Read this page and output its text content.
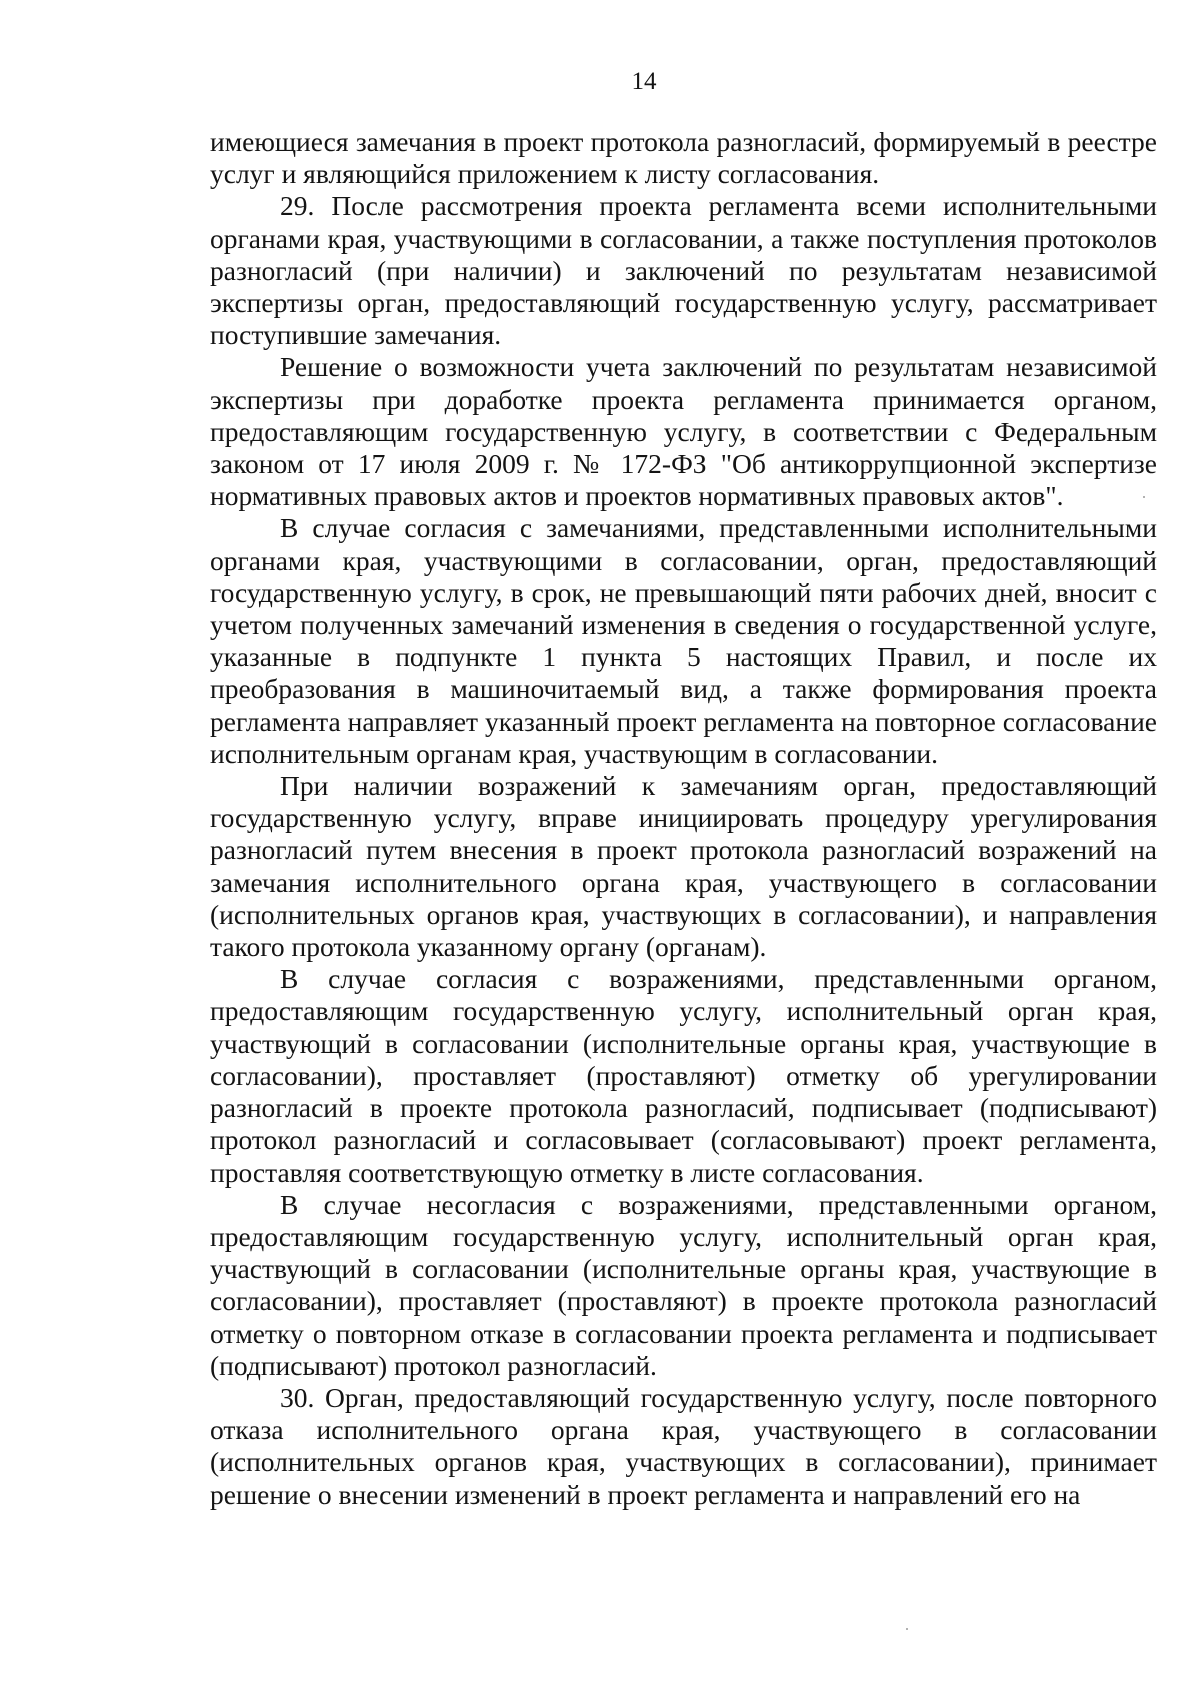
14

имеющиеся замечания в проект протокола разногласий, формируемый в реестре услуг и являющийся приложением к листу согласования.

29. После рассмотрения проекта регламента всеми исполнительными органами края, участвующими в согласовании, а также поступления протоколов разногласий (при наличии) и заключений по результатам независимой экспертизы орган, предоставляющий государственную услугу, рассматривает поступившие замечания.

Решение о возможности учета заключений по результатам независимой экспертизы при доработке проекта регламента принимается органом, предоставляющим государственную услугу, в соответствии с Федеральным законом от 17 июля 2009 г. № 172-ФЗ "Об антикоррупционной экспертизе нормативных правовых актов и проектов нормативных правовых актов".

В случае согласия с замечаниями, представленными исполнительными органами края, участвующими в согласовании, орган, предоставляющий государственную услугу, в срок, не превышающий пяти рабочих дней, вносит с учетом полученных замечаний изменения в сведения о государственной услуге, указанные в подпункте 1 пункта 5 настоящих Правил, и после их преобразования в машиночитаемый вид, а также формирования проекта регламента направляет указанный проект регламента на повторное согласование исполнительным органам края, участвующим в согласовании.

При наличии возражений к замечаниям орган, предоставляющий государственную услугу, вправе инициировать процедуру урегулирования разногласий путем внесения в проект протокола разногласий возражений на замечания исполнительного органа края, участвующего в согласовании (исполнительных органов края, участвующих в согласовании), и направления такого протокола указанному органу (органам).

В случае согласия с возражениями, представленными органом, предоставляющим государственную услугу, исполнительный орган края, участвующий в согласовании (исполнительные органы края, участвующие в согласовании), проставляет (проставляют) отметку об урегулировании разногласий в проекте протокола разногласий, подписывает (подписывают) протокол разногласий и согласовывает (согласовывают) проект регламента, проставляя соответствующую отметку в листе согласования.

В случае несогласия с возражениями, представленными органом, предоставляющим государственную услугу, исполнительный орган края, участвующий в согласовании (исполнительные органы края, участвующие в согласовании), проставляет (проставляют) в проекте протокола разногласий отметку о повторном отказе в согласовании проекта регламента и подписывает (подписывают) протокол разногласий.

30. Орган, предоставляющий государственную услугу, после повторного отказа исполнительного органа края, участвующего в согласовании (исполнительных органов края, участвующих в согласовании), принимает решение о внесении изменений в проект регламента и направлений его на
